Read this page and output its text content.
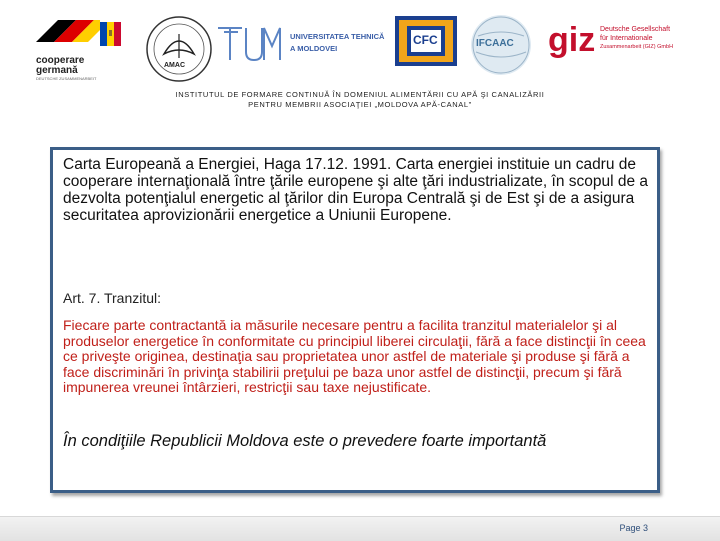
cooperare
germană
DEUTSCHE ZUSAMMENARBEIT
AMAC
UNIVERSITATEA TEHNICĂ
A MOLDOVEI
CFC	IFCAAC giz Deutsche Gesellschaft
für Internationale
Zusammenarbeit (GIZ) GmbH
INSTITUTUL DE FORMARE CONTINUĂ ÎN DOMENIUL ALIMENTĂRII CU APĂ ŞI CANALIZĂRII
PENTRU MEMBRII ASOCIAŢIEI „MOLDOVA APĂ-CANAL"

Carta Europeană a Energiei, Haga 17.12. 1991. Carta energiei instituie un cadru de cooperare internaţională între ţările europene şi alte ţări industrializate, în scopul de a dezvolta potenţialul energetic al ţărilor din Europa Centrală şi de Est şi de a asigura securitatea aprovizionării energetice a Uniunii Europene.

Art. 7. Tranzitul:

Fiecare parte contractantă ia măsurile necesare pentru a facilita tranzitul materialelor şi al produselor energetice în conformitate cu principiul liberei circulaţii, fără a face distincţii în ceea ce priveşte originea, destinaţia sau proprietatea unor astfel de materiale şi produse şi fără a face discriminări în privinţa stabilirii preţului pe baza unor astfel de distincţii, precum şi fără impunerea vreunei întârzieri, restricţii sau taxe nejustificate.

În condiţiile Republicii Moldova este o prevedere foarte importantă

Page 3
